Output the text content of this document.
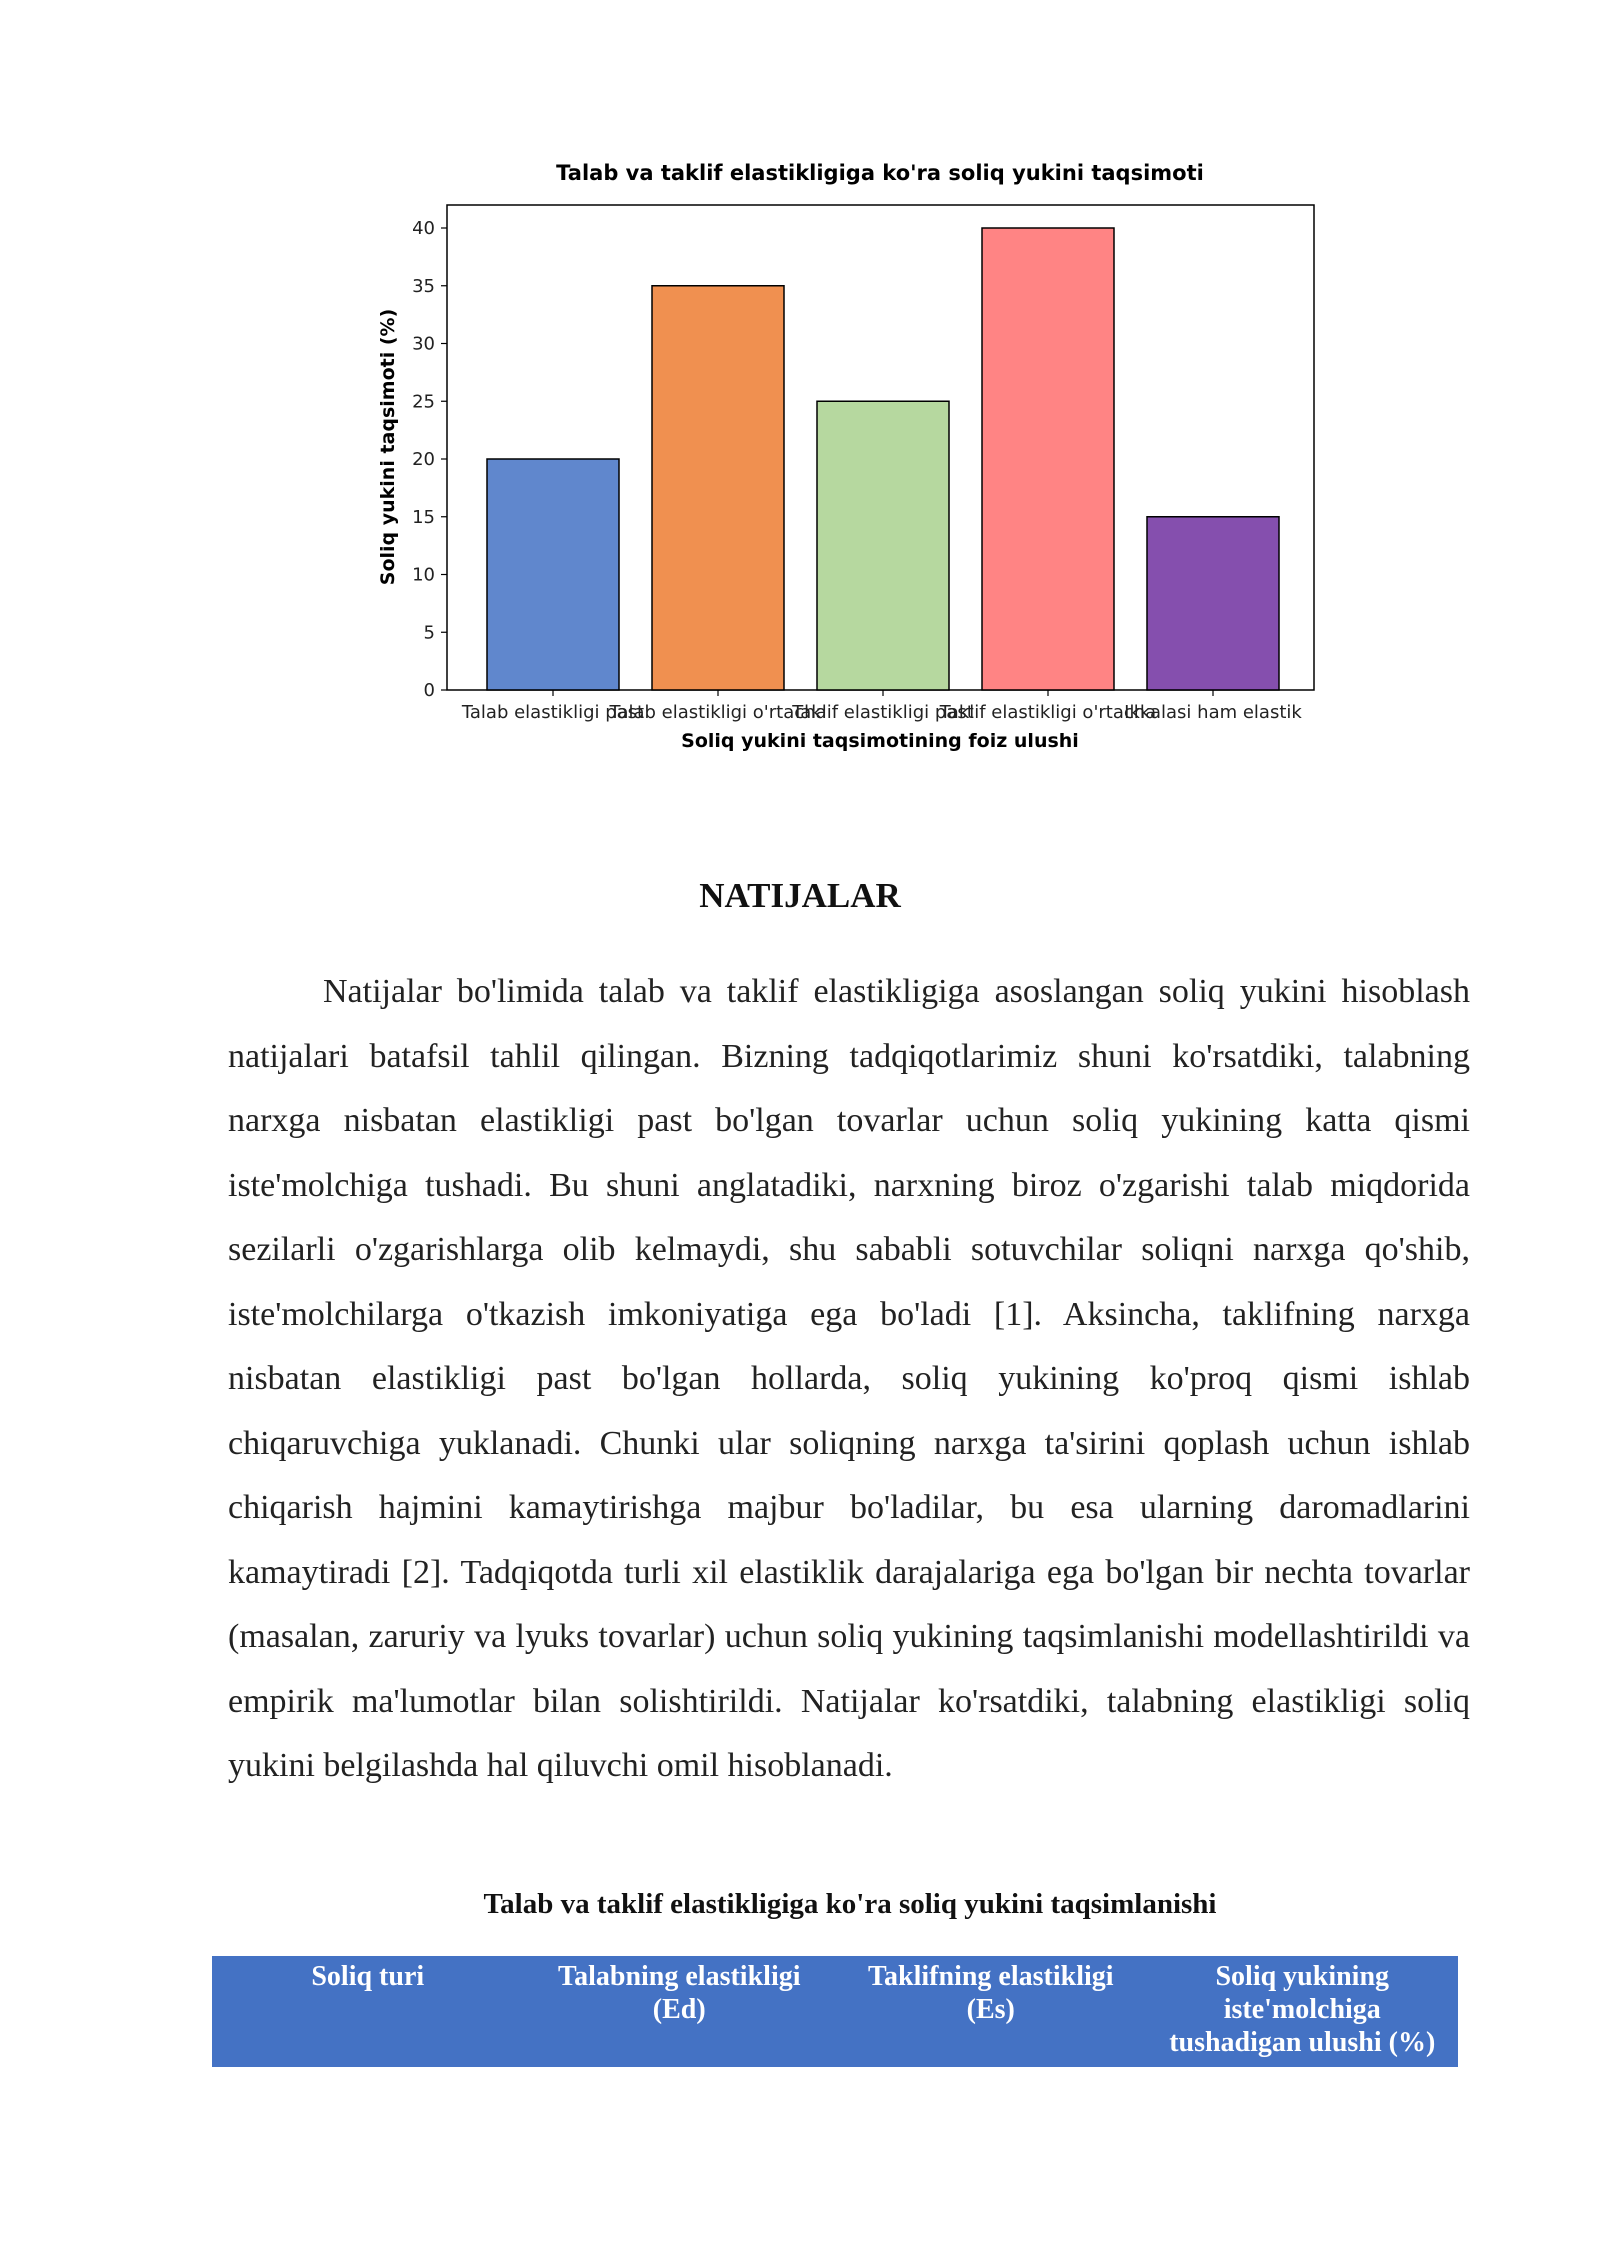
Talab va taklif elastikligiga ko'ra soliq yukini taqsimoti
0
5
10
15
20
25
30
35
40
Talab elastikligi past
Talab elastikligi o'rtacha
Taklif elastikligi past
Taklif elastikligi o'rtacha
Ikkalasi ham elastik
Soliq yukini taqsimotining foiz ulushi
Soliq yukini taqsimoti (%)
NATIJALAR

Natijalar bo'limida talab va taklif elastikligiga asoslangan soliq yukini hisoblash natijalari batafsil tahlil qilingan. Bizning tadqiqotlarimiz shuni ko'rsatdiki, talabning narxga nisbatan elastikligi past bo'lgan tovarlar uchun soliq yukining katta qismi iste'molchiga tushadi. Bu shuni anglatadiki, narxning biroz o'zgarishi talab miqdorida sezilarli o'zgarishlarga olib kelmaydi, shu sababli sotuvchilar soliqni narxga qo'shib, iste'molchilarga o'tkazish imkoniyatiga ega bo'ladi [1]. Aksincha, taklifning narxga nisbatan elastikligi past bo'lgan hollarda, soliq yukining ko'proq qismi ishlab chiqaruvchiga yuklanadi. Chunki ular soliqning narxga ta'sirini qoplash uchun ishlab chiqarish hajmini kamaytirishga majbur bo'ladilar, bu esa ularning daromadlarini kamaytiradi [2]. Tadqiqotda turli xil elastiklik darajalariga ega bo'lgan bir nechta tovarlar (masalan, zaruriy va lyuks tovarlar) uchun soliq yukining taqsimlanishi modellashtirildi va empirik ma'lumotlar bilan solishtirildi. Natijalar ko'rsatdiki, talabning elastikligi soliq yukini belgilashda hal qiluvchi omil hisoblanadi.

Talab va taklif elastikligiga ko'ra soliq yukini taqsimlanishi
Soliq turi	Talabning elastikligi (Ed)	Taklifning elastikligi (Es)	Soliq yukining iste'molchiga tushadigan ulushi (%)
